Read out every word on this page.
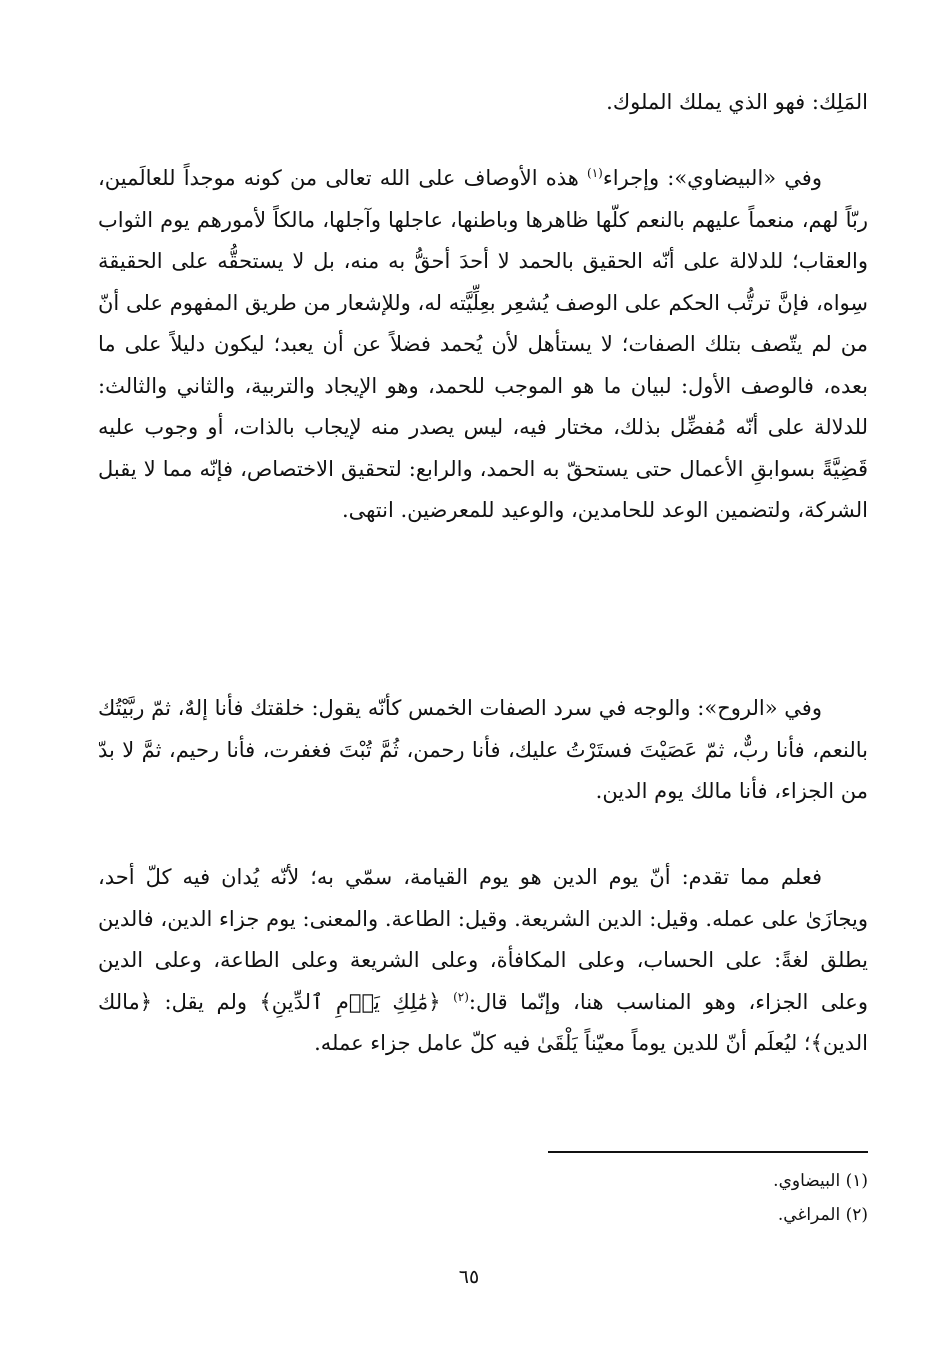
المَلِك: فهو الذي يملك الملوك.

وفي «البيضاوي»: وإجراء$^{(١)}$ هذه الأوصاف على الله تعالى من كونه موجداً للعالَمين، ربّاً لهم، منعماً عليهم بالنعم كلّها ظاهرها وباطنها، عاجلها وآجلها، مالكاً لأمورهم يوم الثواب والعقاب؛ للدلالة على أنّه الحقيق بالحمد لا أحدَ أحقُّ به منه، بل لا يستحقُّه على الحقيقة سِواه، فإنَّ ترتُّب الحكم على الوصف يُشعِر بعِلِّيَّته له، وللإشعار من طريق المفهوم على أنّ من لم يتّصف بتلك الصفات؛ لا يستأهل لأن يُحمد فضلاً عن أن يعبد؛ ليكون دليلاً على ما بعده، فالوصف الأول: لبيان ما هو الموجب للحمد، وهو الإيجاد والتربية، والثاني والثالث: للدلالة على أنّه مُفضِّل بذلك، مختار فيه، ليس يصدر منه لإيجاب بالذات، أو وجوب عليه قَضِيَّةً بسوابقِ الأعمال حتى يستحقّ به الحمد، والرابع: لتحقيق الاختصاص، فإنّه مما لا يقبل الشركة، ولتضمين الوعد للحامدين، والوعيد للمعرضين. انتهى.

وفي «الروح»: والوجه في سرد الصفات الخمس كأنّه يقول: خلقتك فأنا إلهٌ، ثمّ ربَّيْتُك بالنعم، فأنا ربٌّ، ثمّ عَصَيْتَ فستَرْتُ عليك، فأنا رحمن، ثُمَّ تُبْتَ فغفرت، فأنا رحيم، ثمَّ لا بدّ من الجزاء، فأنا مالك يوم الدين.

فعلم مما تقدم: أنّ يوم الدين هو يوم القيامة، سمّي به؛ لأنّه يُدان فيه كلّ أحد، ويجازَىٰ على عمله. وقيل: الدين الشريعة. وقيل: الطاعة. والمعنى: يوم جزاء الدين، فالدين يطلق لغةً: على الحساب، وعلى المكافأة، وعلى الشريعة وعلى الطاعة، وعلى الدين وعلى الجزاء، وهو المناسب هنا، وإنّما قال:$^{(٢)}$ ﴿مَٰلِكِ يَوۡمِ ٱلدِّينِ﴾ ولم يقل: ﴿مالك الدين﴾؛ ليُعلَم أنّ للدين يوماً معيّناً يَلْقَىٰ فيه كلّ عامل جزاء عمله.

(١) البيضاوي.
(٢) المراغي.
٦٥
